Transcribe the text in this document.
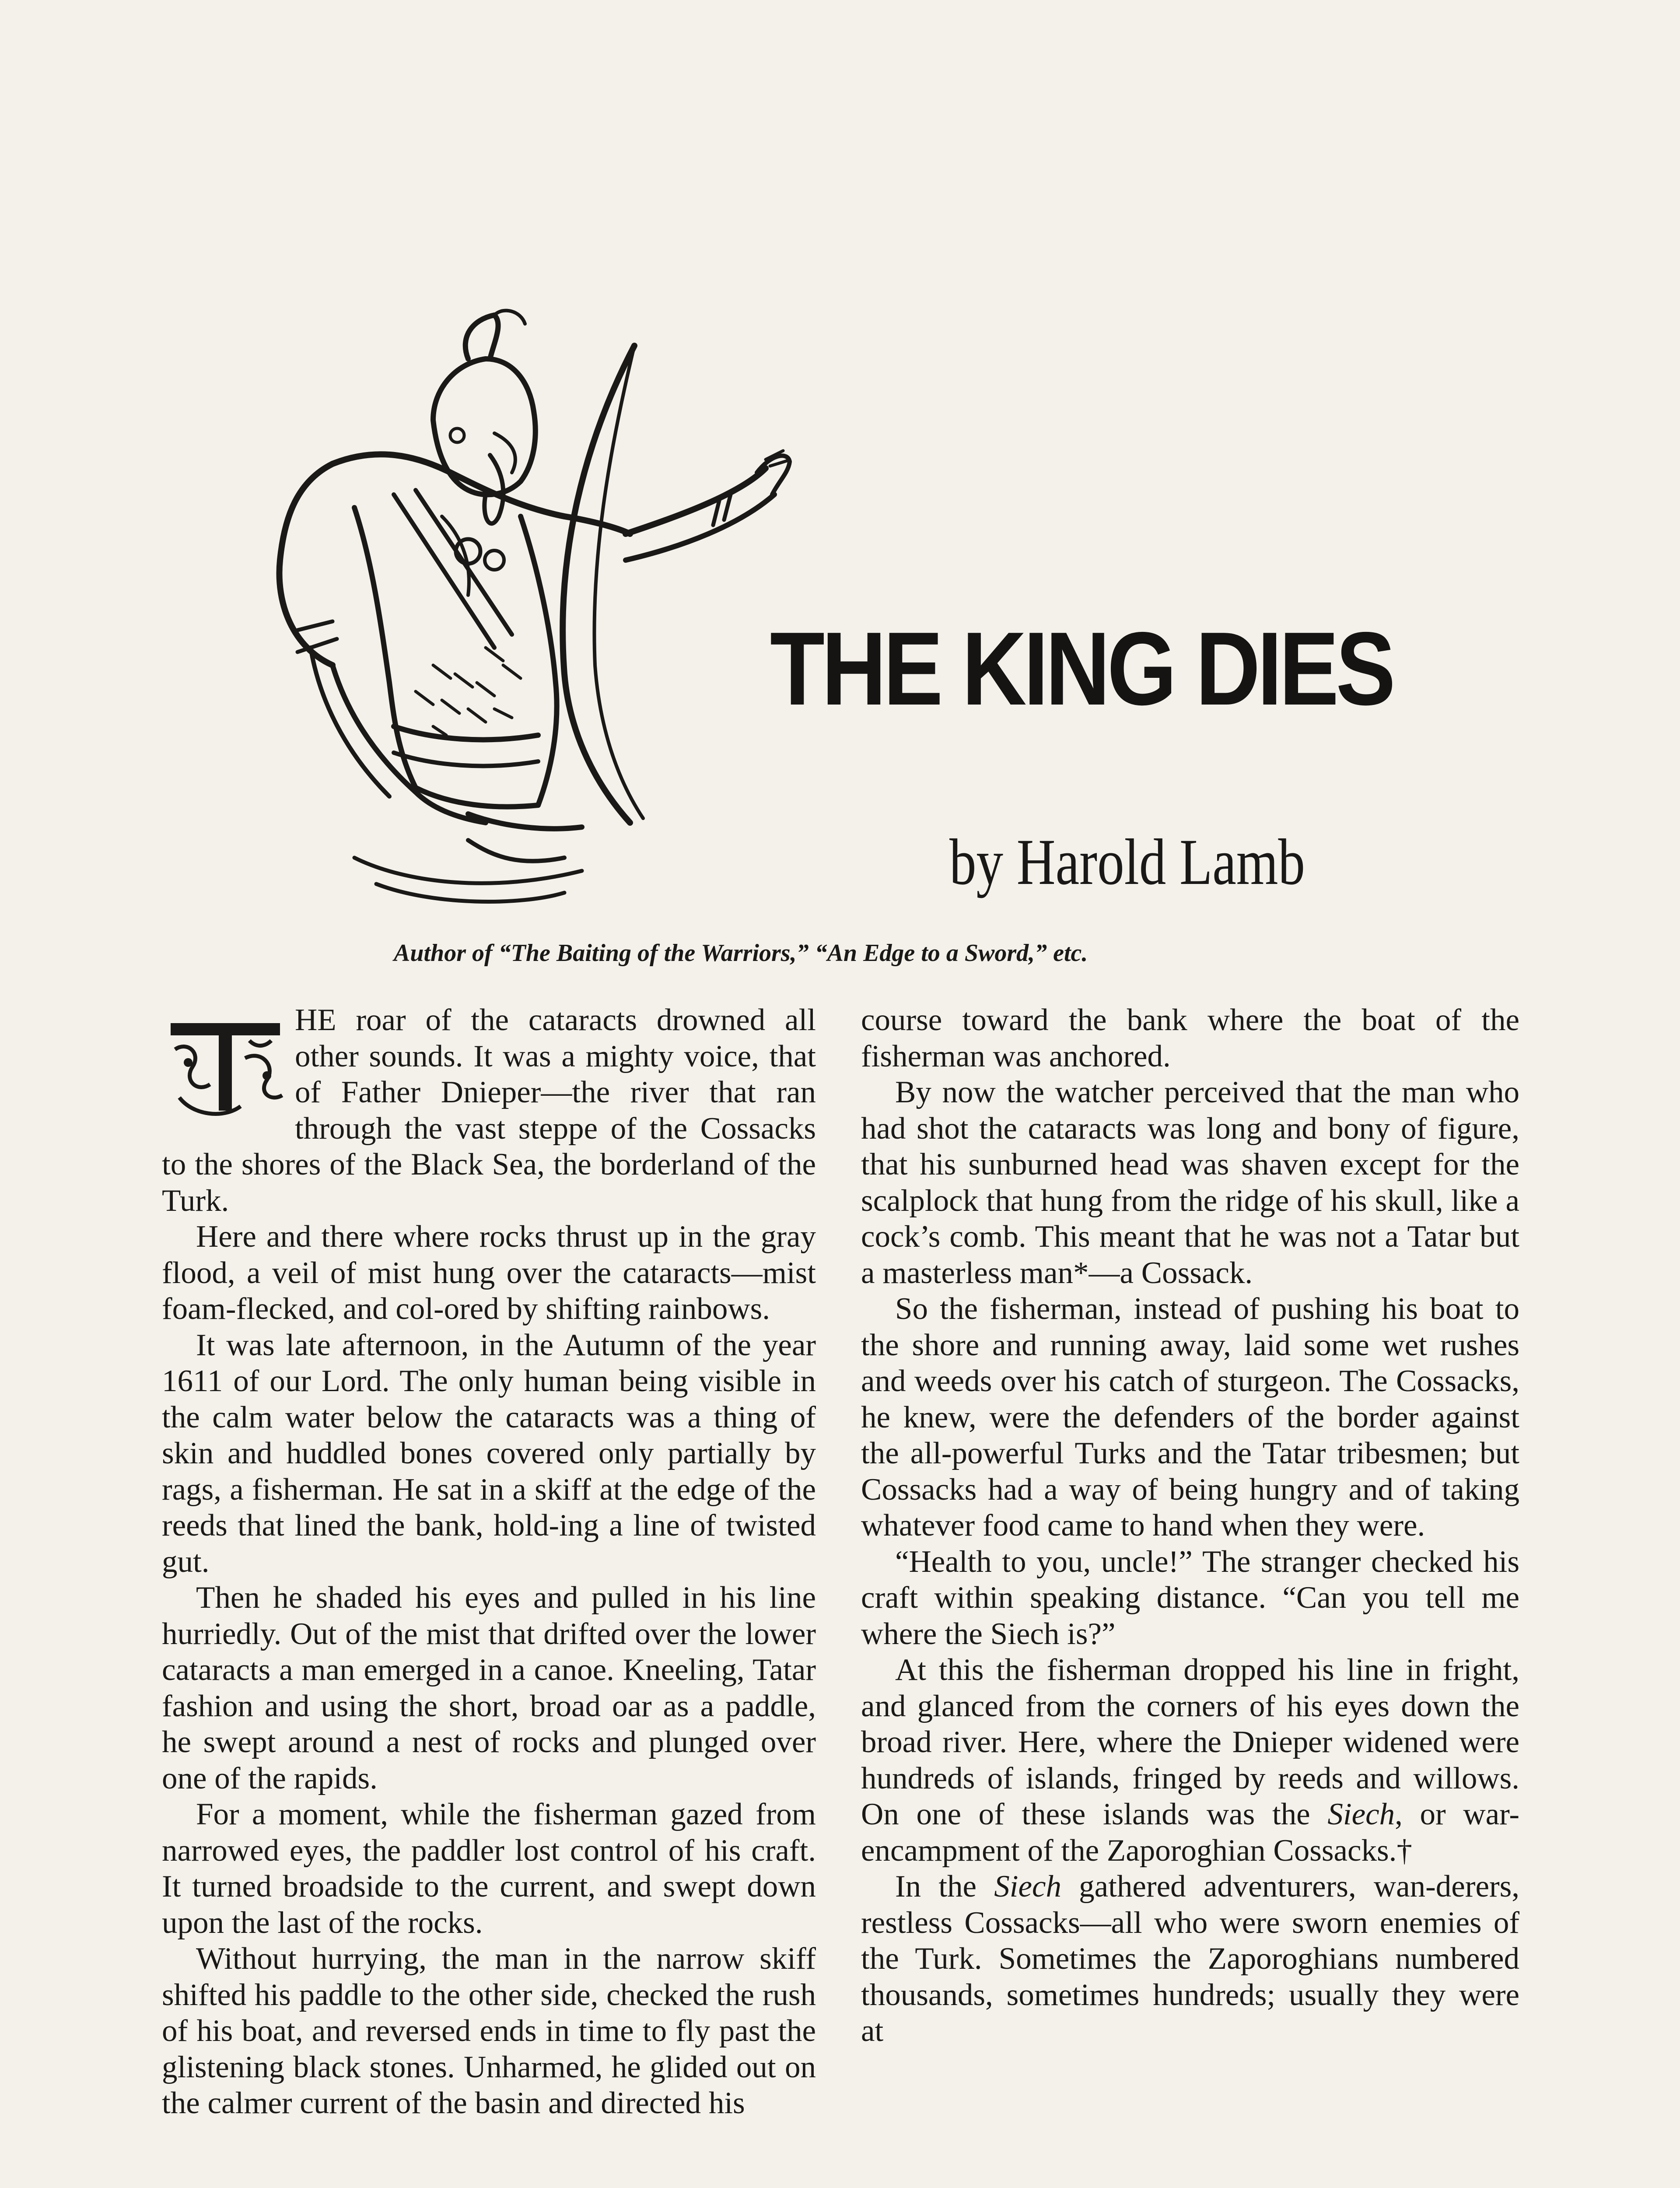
THE KING DIES
by Harold Lamb
Author of “The Baiting of the Warriors,” “An Edge to a Sword,” etc.

HE roar of the cataracts drowned all other sounds. It was a mighty voice, that of Father Dnieper—the river that ran through the vast steppe of the Cossacks to the shores of the Black Sea, the borderland of the Turk.

Here and there where rocks thrust up in the gray flood, a veil of mist hung over the cataracts—mist foam-flecked, and col-ored by shifting rainbows.

It was late afternoon, in the Autumn of the year 1611 of our Lord. The only human being visible in the calm water below the cataracts was a thing of skin and huddled bones covered only partially by rags, a fisherman. He sat in a skiff at the edge of the reeds that lined the bank, hold-ing a line of twisted gut.

Then he shaded his eyes and pulled in his line hurriedly. Out of the mist that drifted over the lower cataracts a man emerged in a canoe. Kneeling, Tatar fashion and using the short, broad oar as a paddle, he swept around a nest of rocks and plunged over one of the rapids.

For a moment, while the fisherman gazed from narrowed eyes, the paddler lost control of his craft. It turned broadside to the current, and swept down upon the last of the rocks.

Without hurrying, the man in the narrow skiff shifted his paddle to the other side, checked the rush of his boat, and reversed ends in time to fly past the glistening black stones. Unharmed, he glided out on the calmer current of the basin and directed his

course toward the bank where the boat of the fisherman was anchored.

By now the watcher perceived that the man who had shot the cataracts was long and bony of figure, that his sunburned head was shaven except for the scalplock that hung from the ridge of his skull, like a cock’s comb. This meant that he was not a Tatar but a masterless man*—a Cossack.

So the fisherman, instead of pushing his boat to the shore and running away, laid some wet rushes and weeds over his catch of sturgeon. The Cossacks, he knew, were the defenders of the border against the all-powerful Turks and the Tatar tribesmen; but Cossacks had a way of being hungry and of taking whatever food came to hand when they were.

“Health to you, uncle!” The stranger checked his craft within speaking distance. “Can you tell me where the Siech is?”

At this the fisherman dropped his line in fright, and glanced from the corners of his eyes down the broad river. Here, where the Dnieper widened were hundreds of islands, fringed by reeds and willows. On one of these islands was the Siech, or war-encampment of the Zaporoghian Cossacks.†

In the Siech gathered adventurers, wan-derers, restless Cossacks—all who were sworn enemies of the Turk. Sometimes the Zaporoghians numbered thousands, sometimes hundreds; usually they were at
